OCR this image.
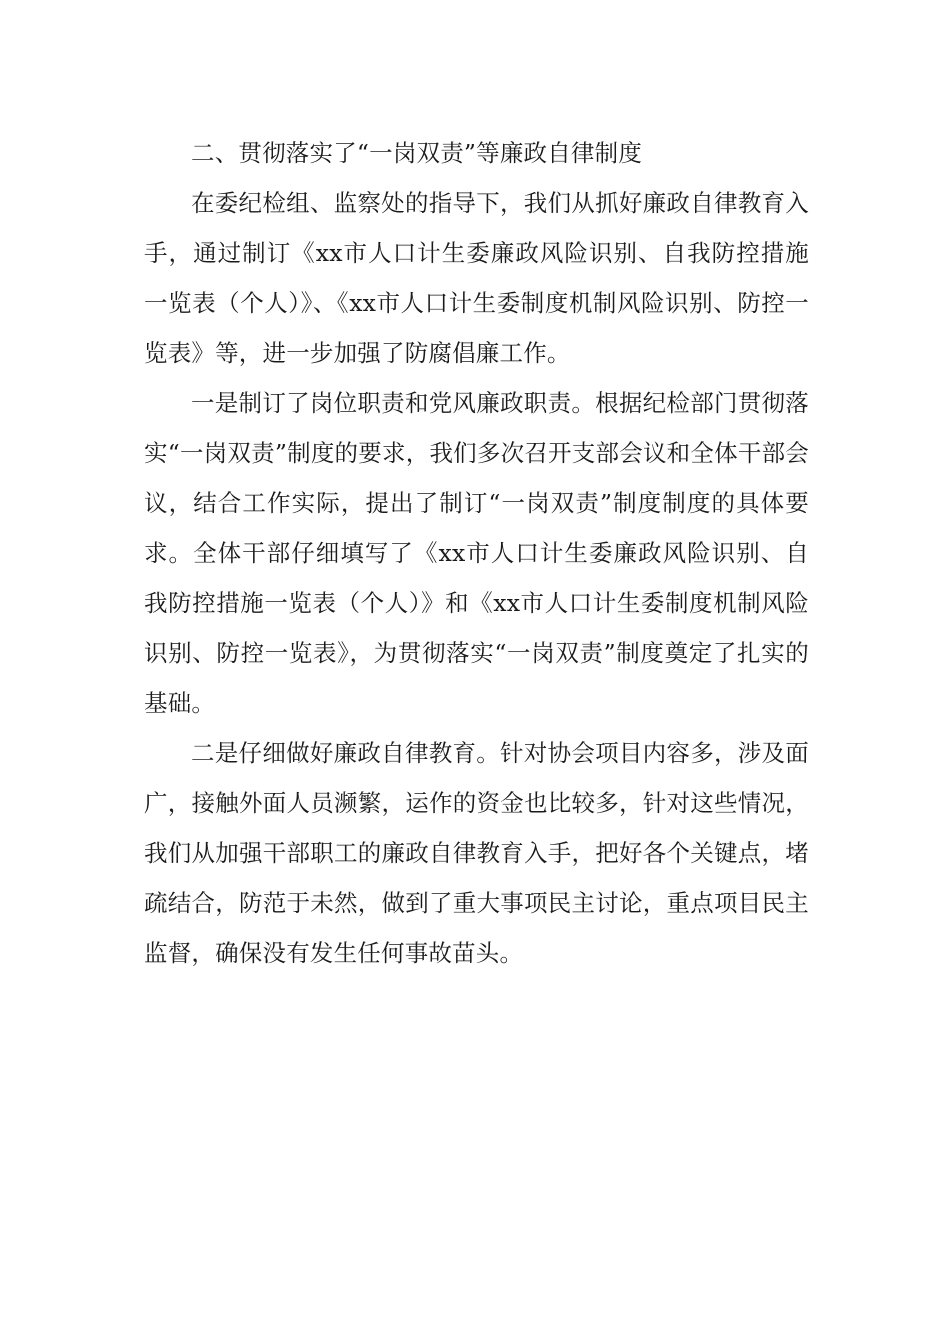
二、贯彻落实了“一岗双责”等廉政自律制度

在委纪检组、监察处的指导下，我们从抓好廉政自律教育入手，通过制订《xx市人口计生委廉政风险识别、自我防控措施一览表（个人）》、《xx市人口计生委制度机制风险识别、防控一览表》等，进一步加强了防腐倡廉工作。

一是制订了岗位职责和党风廉政职责。根据纪检部门贯彻落实“一岗双责”制度的要求，我们多次召开支部会议和全体干部会议，结合工作实际，提出了制订“一岗双责”制度制度的具体要求。全体干部仔细填写了《xx市人口计生委廉政风险识别、自我防控措施一览表（个人）》和《xx市人口计生委制度机制风险识别、防控一览表》，为贯彻落实“一岗双责”制度奠定了扎实的基础。

二是仔细做好廉政自律教育。针对协会项目内容多，涉及面广，接触外面人员濒繁，运作的资金也比较多，针对这些情况，我们从加强干部职工的廉政自律教育入手，把好各个关键点，堵疏结合，防范于未然，做到了重大事项民主讨论，重点项目民主监督，确保没有发生任何事故苗头。
